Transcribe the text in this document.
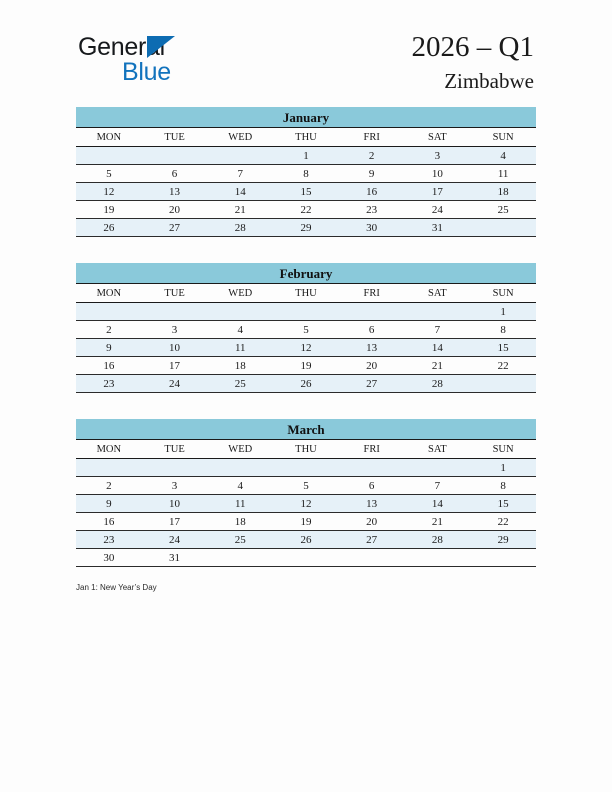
General
Blue
2026 – Q1
Zimbabwe
January
MON	TUE	WED	THU	FRI	SAT	SUN
			1	2	3	4
5	6	7	8	9	10	11
12	13	14	15	16	17	18
19	20	21	22	23	24	25
26	27	28	29	30	31	
February
MON	TUE	WED	THU	FRI	SAT	SUN
						1
2	3	4	5	6	7	8
9	10	11	12	13	14	15
16	17	18	19	20	21	22
23	24	25	26	27	28	
March
MON	TUE	WED	THU	FRI	SAT	SUN
						1
2	3	4	5	6	7	8
9	10	11	12	13	14	15
16	17	18	19	20	21	22
23	24	25	26	27	28	29
30	31					
Jan 1: New Year’s Day
